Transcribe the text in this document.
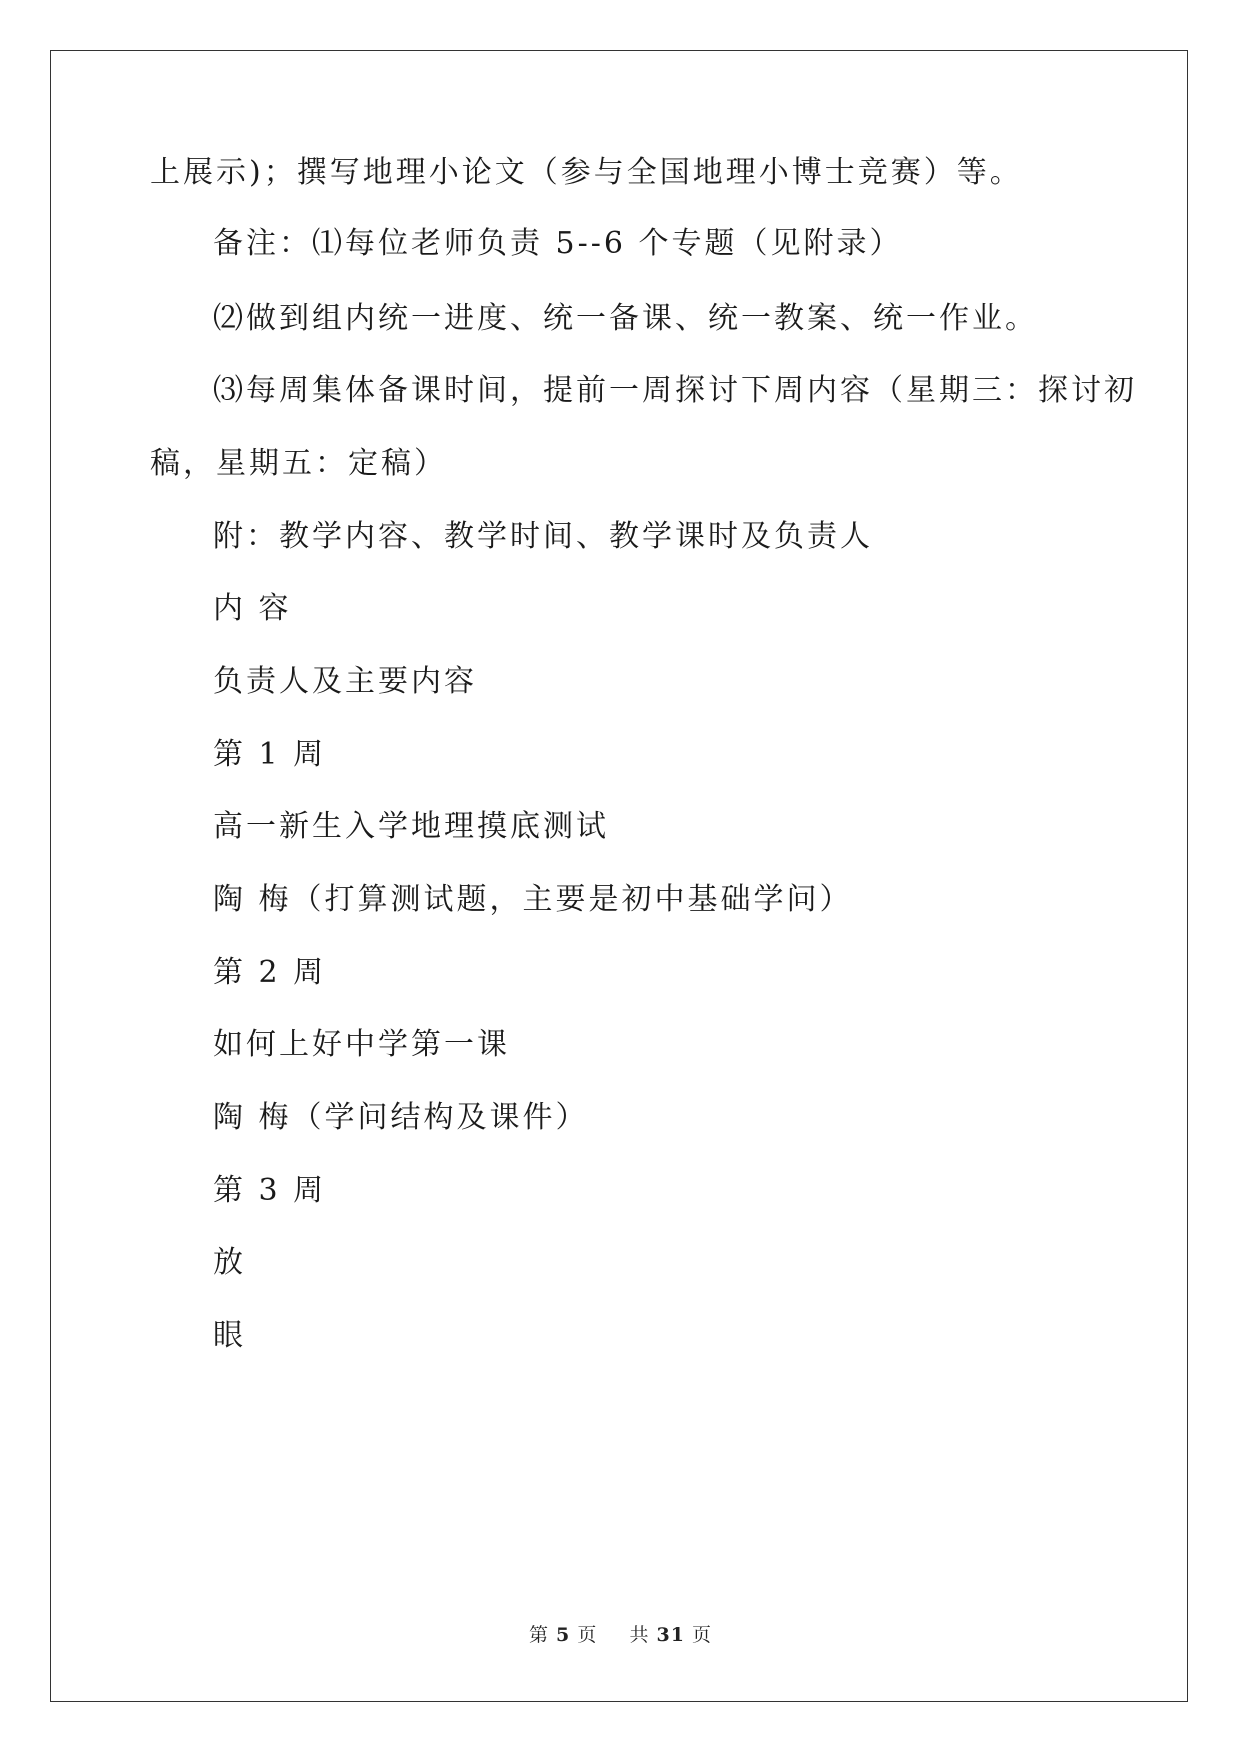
上展示)；撰写地理小论文（参与全国地理小博士竞赛）等。
备注：⑴每位老师负责 5--6 个专题（见附录）
⑵做到组内统一进度、统一备课、统一教案、统一作业。
⑶每周集体备课时间，提前一周探讨下周内容（星期三：探讨初
稿，星期五：定稿）
附：教学内容、教学时间、教学课时及负责人
内 容
负责人及主要内容
第 1 周
高一新生入学地理摸底测试
陶 梅（打算测试题，主要是初中基础学问）
第 2 周
如何上好中学第一课
陶 梅（学问结构及课件）
第 3 周
放
眼
第 5 页 共 31 页
